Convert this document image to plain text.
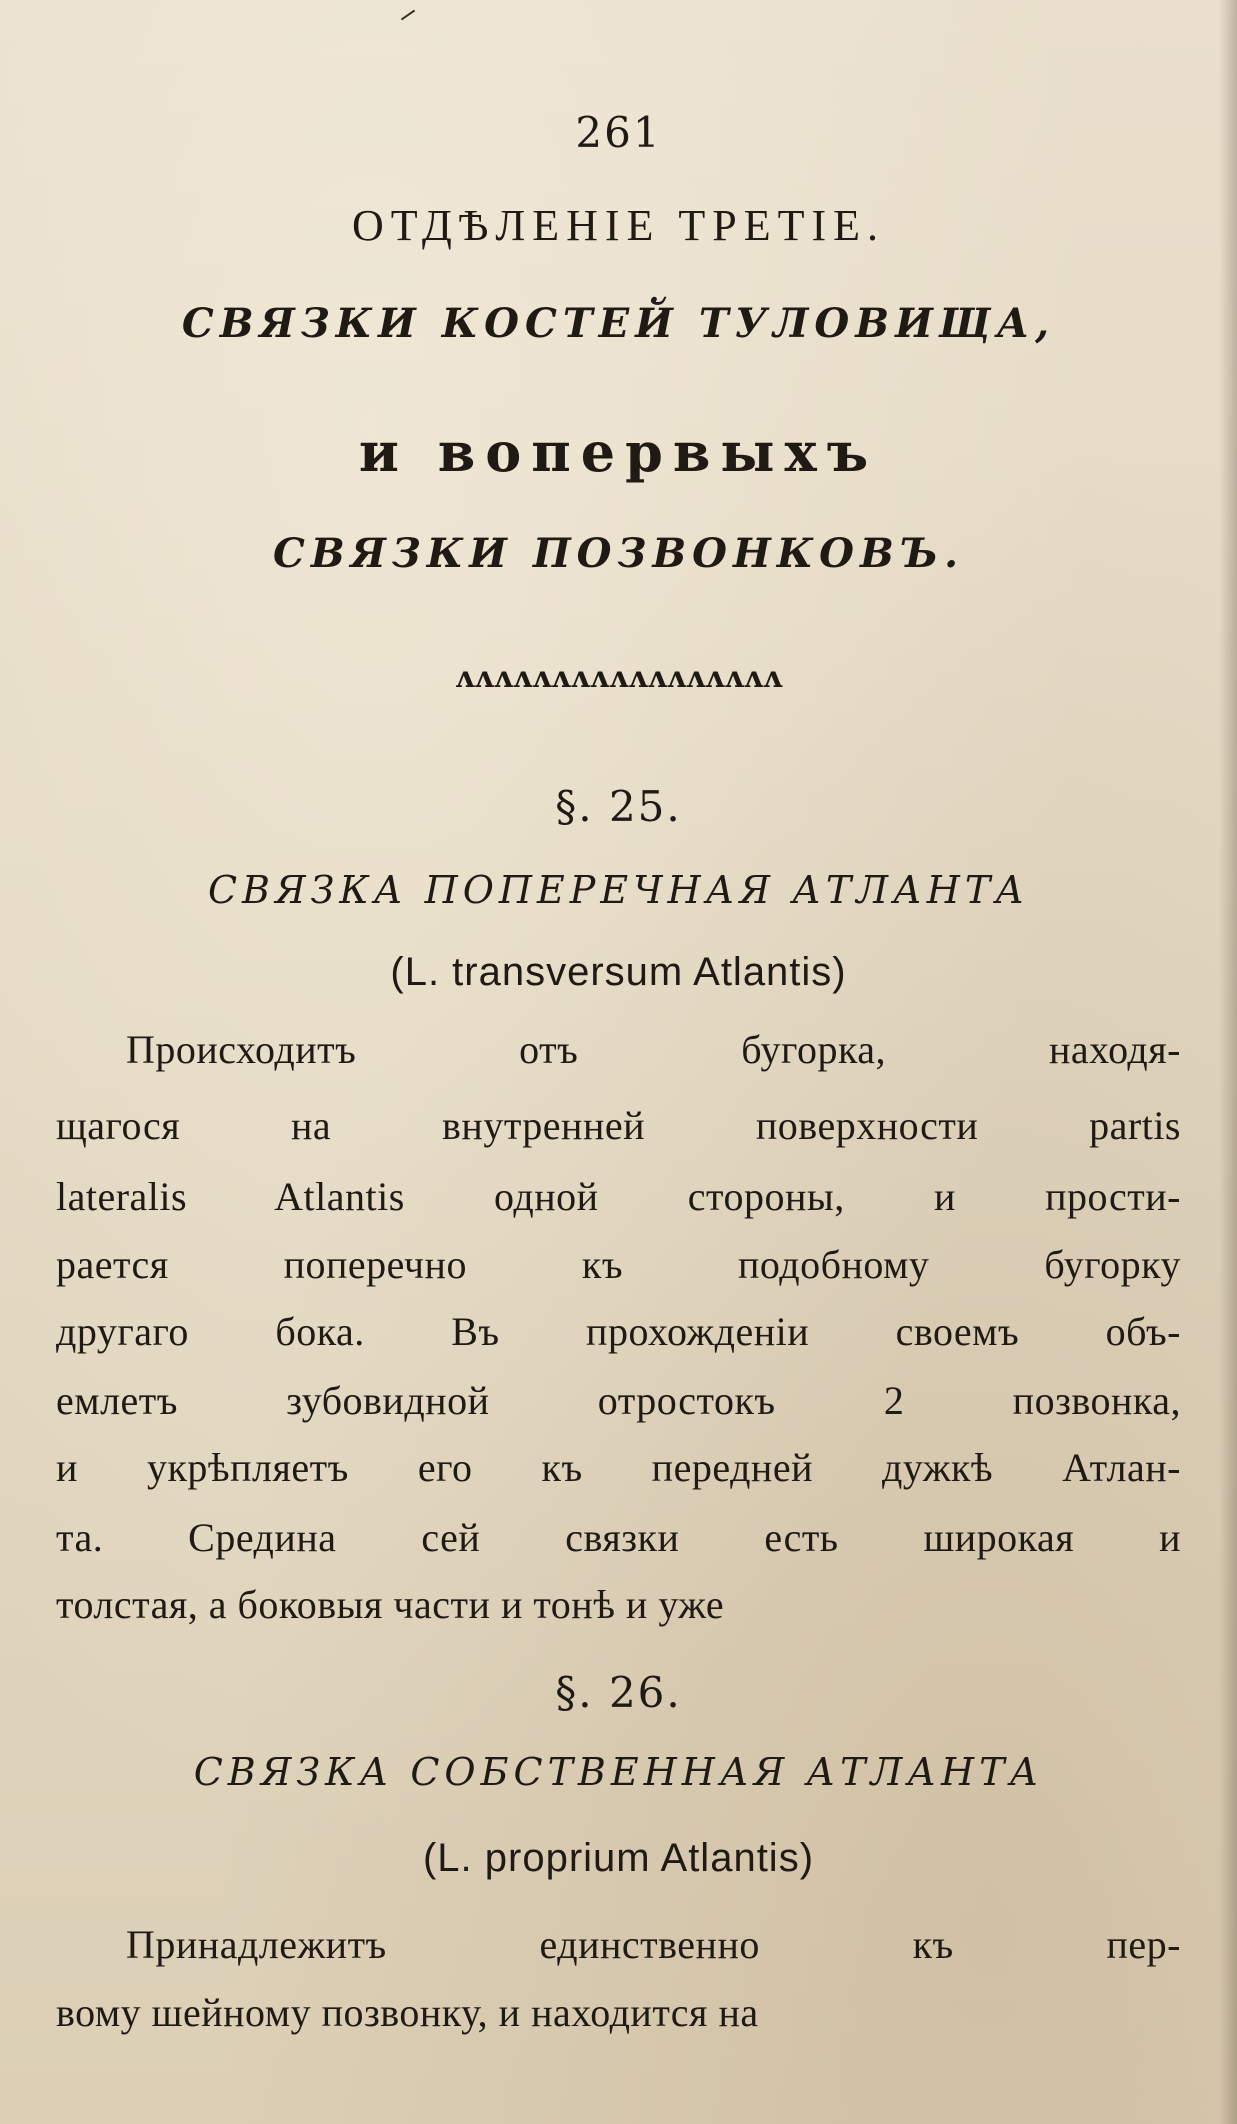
261
ОТДѢЛЕНІЕ ТРЕТІЕ.
СВЯЗКИ КОСТЕЙ ТУЛОВИЩА,
и вопервыхъ
СВЯЗКИ ПОЗВОНКОВЪ.
ʌʌʌʌʌʌʌʌʌʌʌʌʌʌʌʌʌ
§. 25.
СВЯЗКА ПОПЕРЕЧНАЯ АТЛАНТА
(L. transversum Atlantis)
Происходитъ отъ бугорка, находя-
щагося на внутренней поверхности partis
lateralis Atlantis одной стороны, и прости-
рается поперечно къ подобному бугорку
другаго бока. Въ прохожденіи своемъ объ-
емлетъ зубовидной отростокъ 2 позвонка,
и укрѣпляетъ его къ передней дужкѣ Атлан-
та. Средина сей связки есть широкая и
толстая, а боковыя части и тонѣ и уже
§. 26.
СВЯЗКА СОБСТВЕННАЯ АТЛАНТА
(L. proprium Atlantis)
Принадлежитъ единственно къ пер-
вому шейному позвонку, и находится на
